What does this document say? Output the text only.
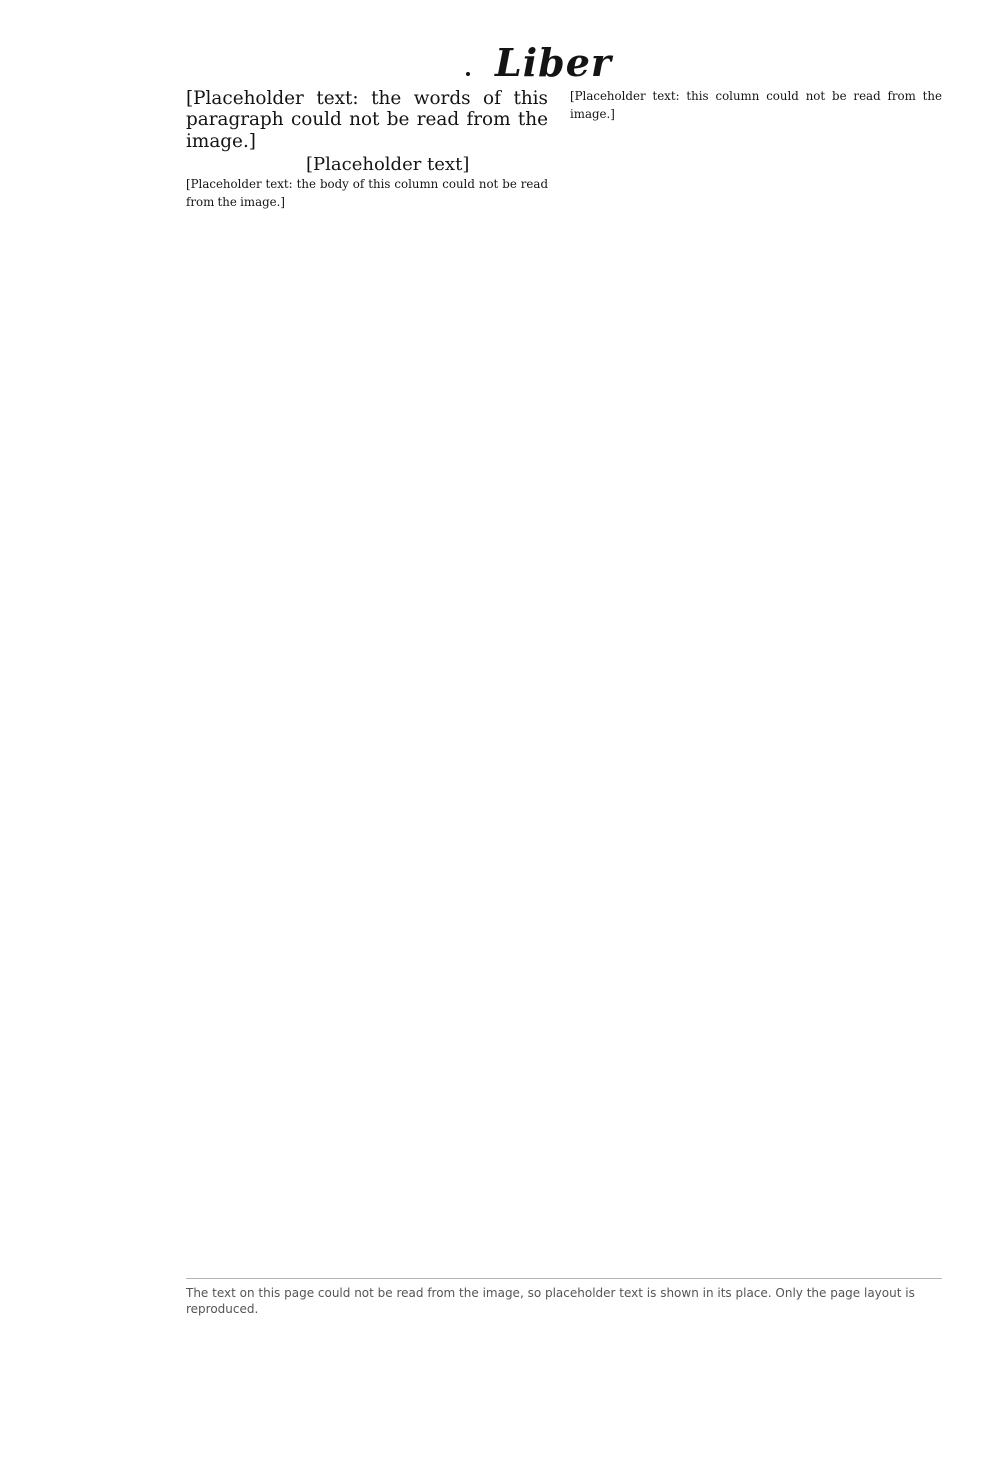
Liber

[Placeholder text: the words of this paragraph could not be read from the image.]

[Placeholder text]

[Placeholder text: the body of this column could not be read from the image.]

[Placeholder text: this column could not be read from the image.]

The text on this page could not be read from the image, so placeholder text is shown in its place. Only the page layout is reproduced.
